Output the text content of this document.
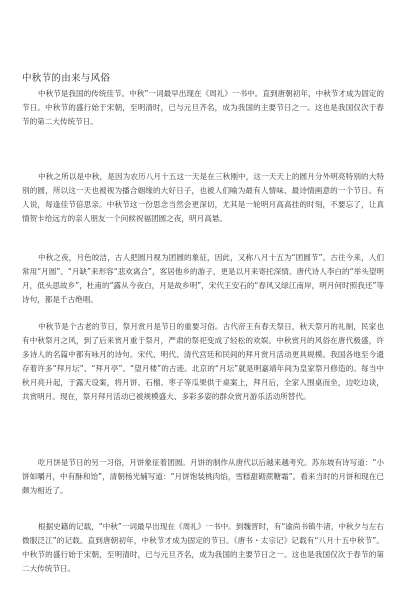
中秋节的由来与风俗

中秋节是我国的传统佳节。中秋”一词最早出现在《周礼》一书中。直到唐朝初年，中秋节才成为固定的节日。中秋节的盛行始于宋朝，至明清时，已与元旦齐名，成为我国的主要节日之一。这也是我国仅次于春节的第二大传统节日。

中秋之所以是中秋，是因为农历八月十五这一天是在三秋刚中，这一天天上的圆月分外明亮特别的大特别的圆，所以这一天也被视为播合姻缘的大好日子，也被人们喻为最有人情味、最诗情画意的一个节日。有人说，每逢佳节倍思亲。中秋节这一份思念当然会更深切，尤其是一轮明月高高挂的时刻，不要忘了，让真情贺卡给远方的亲人朋友一个问候祝福团圆之夜，明月高悬。

中秋之夜，月色皎洁，古人把圆月视为团圆的象征，因此，又称八月十五为“团圆节”。古往今来，人们常用“月圆”、“月缺”来形容“悲欢离合”，客居他乡的游子，更是以月来寄托深情。唐代诗人李白的“举头望明月，低头思故乡”，杜甫的“露从今夜白，月是故乡明”，宋代王安石的“春风又绿江南岸，明月何时照我还”等诗句，都是千古绝唱。

中秋节是个古老的节日，祭月赏月是节日的重要习俗。古代帝王有春天祭日，秋天祭月的礼制，民家也有中秋祭月之风，到了后来赏月重于祭月，严肃的祭祀变成了轻松的欢娱。中秋赏月的风俗在唐代极盛，许多诗人的名篇中都有咏月的诗句。宋代、明代、清代宫廷和民间的拜月赏月活动更具规模。我国各地至今遗存着许多“拜月坛”、“拜月亭”、“望月楼”的古迹。北京的“月坛”就是明嘉靖年间为皇家祭月修造的。每当中秋月亮升起，于露天设案，将月饼、石榴、枣子等瓜果供于桌案上，拜月后，全家人围桌而坐，边吃边谈，共赏明月。现在，祭月拜月活动已被规模盛大、多彩多姿的群众赏月游乐活动所替代。

吃月饼是节日的另一习俗，月饼象征着团圆。月饼的制作从唐代以后越来越考究。苏东坡有诗写道：“小饼如嚼月，中有酥和饴”，清朝杨光辅写道：“月饼饱装桃肉馅，雪糕甜砌蔗糖霜”。看来当时的月饼和现在已颇为相近了。

根据史籍的记载，“中秋”一词最早出现在《周礼》一书中。到魏晋时，有“谕尚书镇牛渚，中秋夕与左右微服泛江”的记载。直到唐朝初年，中秋节才成为固定的节日。《唐书・太宗记》记载有“八月十五中秋节”。中秋节的盛行始于宋朝，至明清时，已与元旦齐名，成为我国的主要节日之一。这也是我国仅次于春节的第二大传统节日。
